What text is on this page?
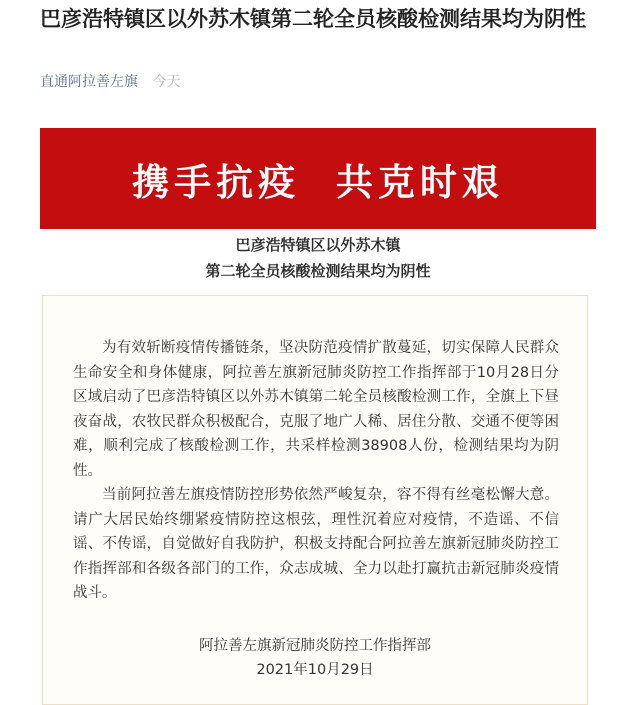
巴彦浩特镇区以外苏木镇第二轮全员核酸检测结果均为阴性
直通阿拉善左旗 今天
携手抗疫  共克时艰
巴彦浩特镇区以外苏木镇
第二轮全员核酸检测结果均为阴性

为有效斩断疫情传播链条，坚决防范疫情扩散蔓延，切实保障人民群众生命安全和身体健康，阿拉善左旗新冠肺炎防控工作指挥部于10月28日分区域启动了巴彦浩特镇区以外苏木镇第二轮全员核酸检测工作，全旗上下昼夜奋战，农牧民群众积极配合，克服了地广人稀、居住分散、交通不便等困难，顺利完成了核酸检测工作，共采样检测38908人份，检测结果均为阴性。

当前阿拉善左旗疫情防控形势依然严峻复杂，容不得有丝毫松懈大意。请广大居民始终绷紧疫情防控这根弦，理性沉着应对疫情，不造谣、不信谣、不传谣，自觉做好自我防护，积极支持配合阿拉善左旗新冠肺炎防控工作指挥部和各级各部门的工作，众志成城、全力以赴打赢抗击新冠肺炎疫情战斗。

阿拉善左旗新冠肺炎防控工作指挥部
2021年10月29日
